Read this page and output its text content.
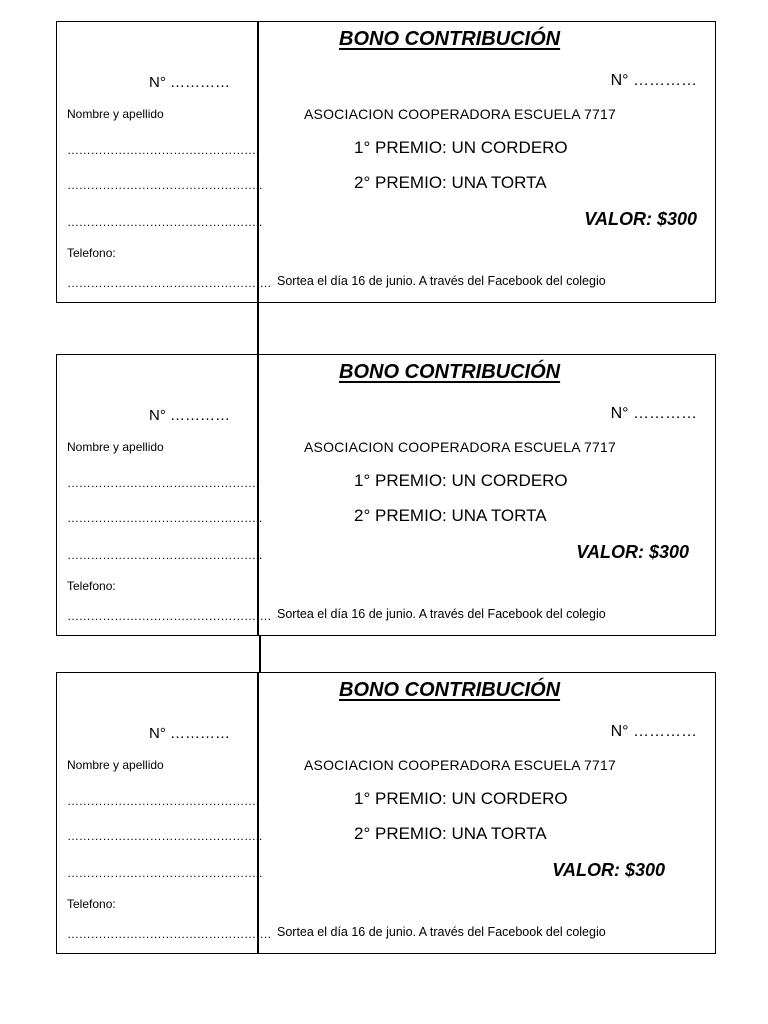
N° …………
Nombre y apellido
………………………………………….
…………………………………………..
…………………………………………..
Telefono:
…………………………………………….
BONO CONTRIBUCIÓN
N° …………
ASOCIACION COOPERADORA ESCUELA 7717
1° PREMIO: UN CORDERO
2° PREMIO: UNA TORTA
VALOR: $300
Sortea el día 16 de junio. A través del Facebook del colegio
N° …………
Nombre y apellido
………………………………………….
…………………………………………..
…………………………………………..
Telefono:
…………………………………………….
BONO CONTRIBUCIÓN
N° …………
ASOCIACION COOPERADORA ESCUELA 7717
1° PREMIO: UN CORDERO
2° PREMIO: UNA TORTA
VALOR: $300
Sortea el día 16 de junio. A través del Facebook del colegio
N° …………
Nombre y apellido
………………………………………….
…………………………………………..
…………………………………………..
Telefono:
…………………………………………….
BONO CONTRIBUCIÓN
N° …………
ASOCIACION COOPERADORA ESCUELA 7717
1° PREMIO: UN CORDERO
2° PREMIO: UNA TORTA
VALOR: $300
Sortea el día 16 de junio. A través del Facebook del colegio
